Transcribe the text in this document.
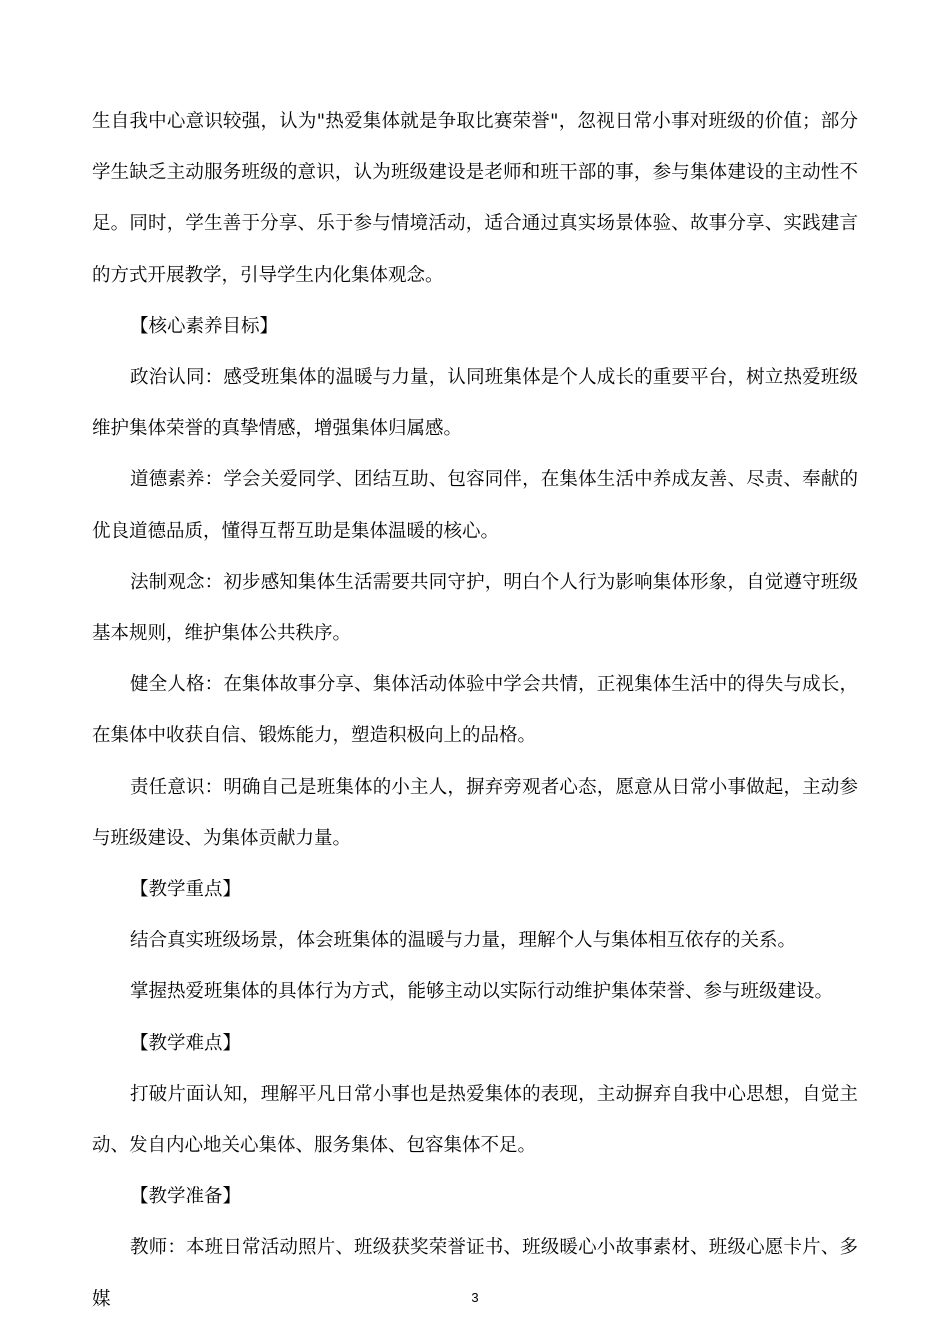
生自我中心意识较强，认为"热爱集体就是争取比赛荣誉"，忽视日常小事对班级的价值；部分学生缺乏主动服务班级的意识，认为班级建设是老师和班干部的事，参与集体建设的主动性不足。同时，学生善于分享、乐于参与情境活动，适合通过真实场景体验、故事分享、实践建言的方式开展教学，引导学生内化集体观念。

【核心素养目标】

政治认同：感受班集体的温暖与力量，认同班集体是个人成长的重要平台，树立热爱班级维护集体荣誉的真挚情感，增强集体归属感。

道德素养：学会关爱同学、团结互助、包容同伴，在集体生活中养成友善、尽责、奉献的优良道德品质，懂得互帮互助是集体温暖的核心。

法制观念：初步感知集体生活需要共同守护，明白个人行为影响集体形象，自觉遵守班级基本规则，维护集体公共秩序。

健全人格：在集体故事分享、集体活动体验中学会共情，正视集体生活中的得失与成长，在集体中收获自信、锻炼能力，塑造积极向上的品格。

责任意识：明确自己是班集体的小主人，摒弃旁观者心态，愿意从日常小事做起，主动参与班级建设、为集体贡献力量。

【教学重点】

结合真实班级场景，体会班集体的温暖与力量，理解个人与集体相互依存的关系。

掌握热爱班集体的具体行为方式，能够主动以实际行动维护集体荣誉、参与班级建设。

【教学难点】

打破片面认知，理解平凡日常小事也是热爱集体的表现，主动摒弃自我中心思想，自觉主动、发自内心地关心集体、服务集体、包容集体不足。

【教学准备】

教师：本班日常活动照片、班级获奖荣誉证书、班级暖心小故事素材、班级心愿卡片、多媒	3
